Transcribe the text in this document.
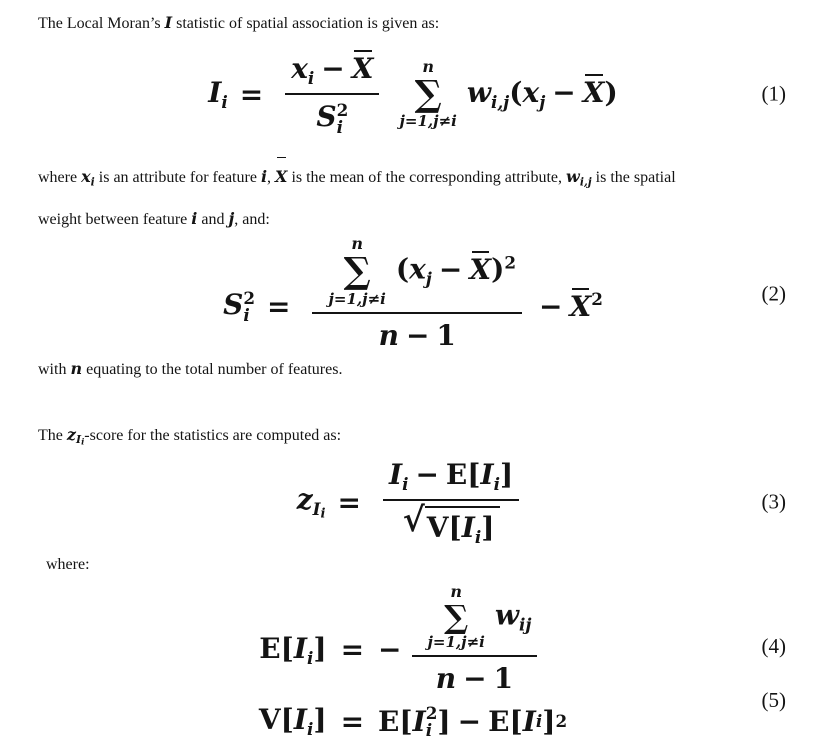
The Local Moran’s I statistic of spatial association is given as:
$I_i = x_i - X$
S 2
i	n
∑
j=1,j≠i
$w_{i,j}(x_j - X)$	(1)
where $x_i$ is an attribute for feature i, X is the mean of the corresponding attribute, $w_{i,j}$ is the spatial
weight between feature i and j, and:
S 2
i = n
∑
j=1,j≠i
$(x_j - X)^2$
$n - 1 - X^2$	(2)
with n equating to the total number of features.
The $z_{Ii}$-score for the statistics are computed as:
$z_{Ii} = \frac{I_i - E[I_i]}{√ V[I_i]}$	(3)
where:
$E[I_i]$ = − n
∑
j=1,j≠i
$w_{ij}$
n − 1
$V[I_i] = E$ [ I 2
i ] − E [ I i ] 2
(4)
(5)
